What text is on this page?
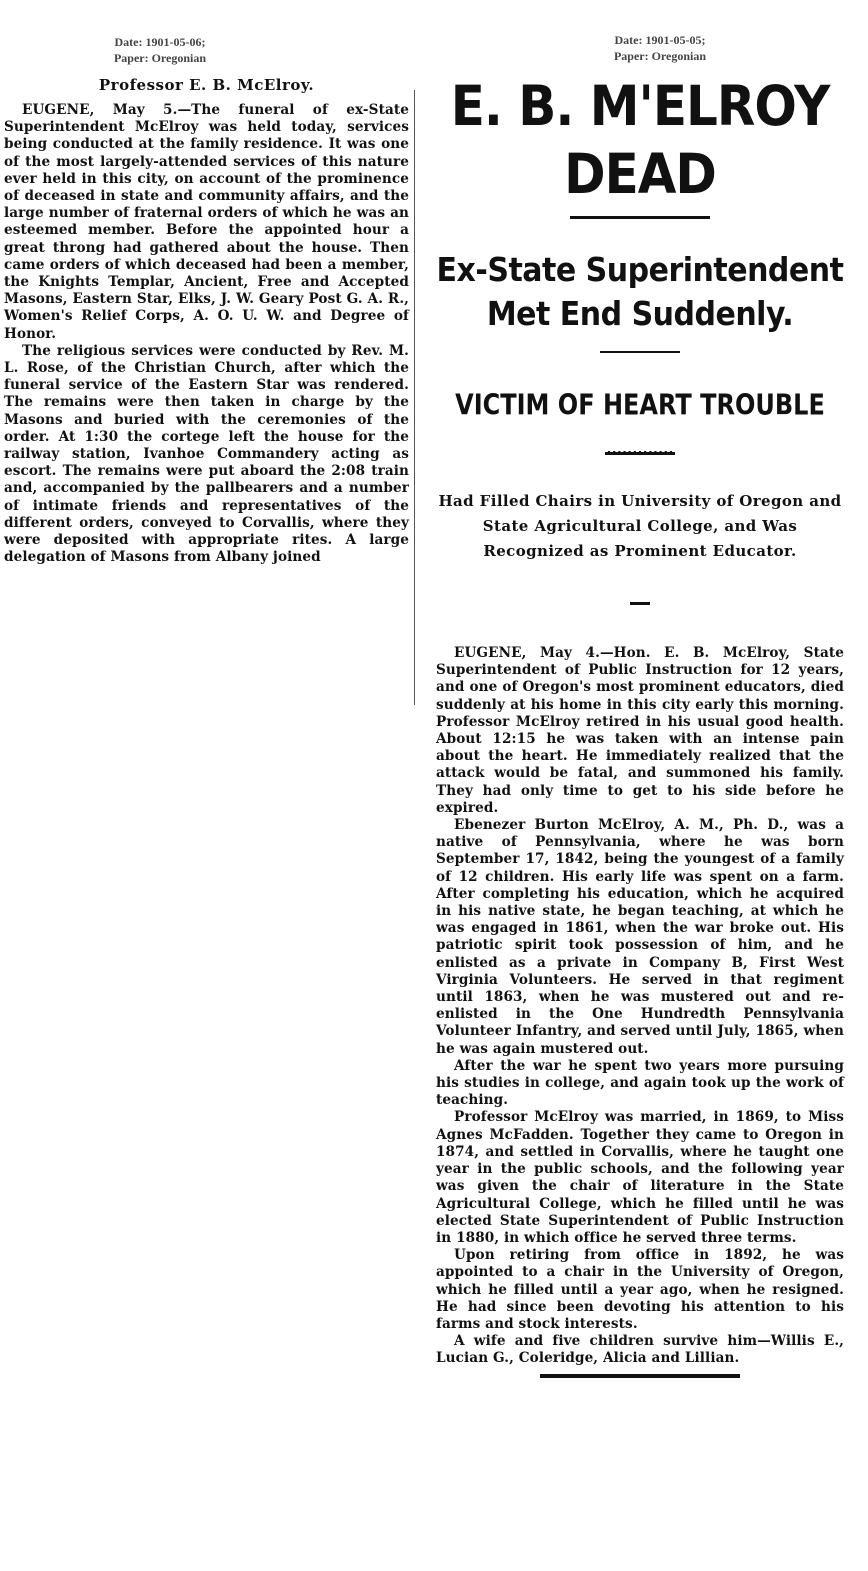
Date: 1901-05-06;
Paper: Oregonian
Date: 1901-05-05;
Paper: Oregonian

Professor E. B. McElroy.

EUGENE, May 5.—The funeral of ex-State Superintendent McElroy was held today, services being conducted at the family residence. It was one of the most largely-attended services of this nature ever held in this city, on account of the prominence of deceased in state and community affairs, and the large number of fraternal orders of which he was an esteemed member. Before the appointed hour a great throng had gathered about the house. Then came orders of which deceased had been a member, the Knights Templar, Ancient, Free and Accepted Masons, Eastern Star, Elks, J. W. Geary Post G. A. R., Women's Relief Corps, A. O. U. W. and Degree of Honor.

The religious services were conducted by Rev. M. L. Rose, of the Christian Church, after which the funeral service of the Eastern Star was rendered. The remains were then taken in charge by the Masons and buried with the ceremonies of the order. At 1:30 the cortege left the house for the railway station, Ivanhoe Commandery acting as escort. The remains were put aboard the 2:08 train and, accompanied by the pallbearers and a number of intimate friends and representatives of the different orders, conveyed to Corvallis, where they were deposited with appropriate rites. A large delegation of Masons from Albany joined

E. B. M'ELROY DEAD

Ex-State Superintendent Met End Suddenly.

VICTIM OF HEART TROUBLE

Had Filled Chairs in University of Oregon and State Agricultural College, and Was Recognized as Prominent Educator.

EUGENE, May 4.—Hon. E. B. McElroy, State Superintendent of Public Instruction for 12 years, and one of Oregon's most prominent educators, died suddenly at his home in this city early this morning. Professor McElroy retired in his usual good health. About 12:15 he was taken with an intense pain about the heart. He immediately realized that the attack would be fatal, and summoned his family. They had only time to get to his side before he expired.

Ebenezer Burton McElroy, A. M., Ph. D., was a native of Pennsylvania, where he was born September 17, 1842, being the youngest of a family of 12 children. His early life was spent on a farm. After completing his education, which he acquired in his native state, he began teaching, at which he was engaged in 1861, when the war broke out. His patriotic spirit took possession of him, and he enlisted as a private in Company B, First West Virginia Volunteers. He served in that regiment until 1863, when he was mustered out and re-enlisted in the One Hundredth Pennsylvania Volunteer Infantry, and served until July, 1865, when he was again mustered out.

After the war he spent two years more pursuing his studies in college, and again took up the work of teaching.

Professor McElroy was married, in 1869, to Miss Agnes McFadden. Together they came to Oregon in 1874, and settled in Corvallis, where he taught one year in the public schools, and the following year was given the chair of literature in the State Agricultural College, which he filled until he was elected State Superintendent of Public Instruction in 1880, in which office he served three terms.

Upon retiring from office in 1892, he was appointed to a chair in the University of Oregon, which he filled until a year ago, when he resigned. He had since been devoting his attention to his farms and stock interests.

A wife and five children survive him—Willis E., Lucian G., Coleridge, Alicia and Lillian.
